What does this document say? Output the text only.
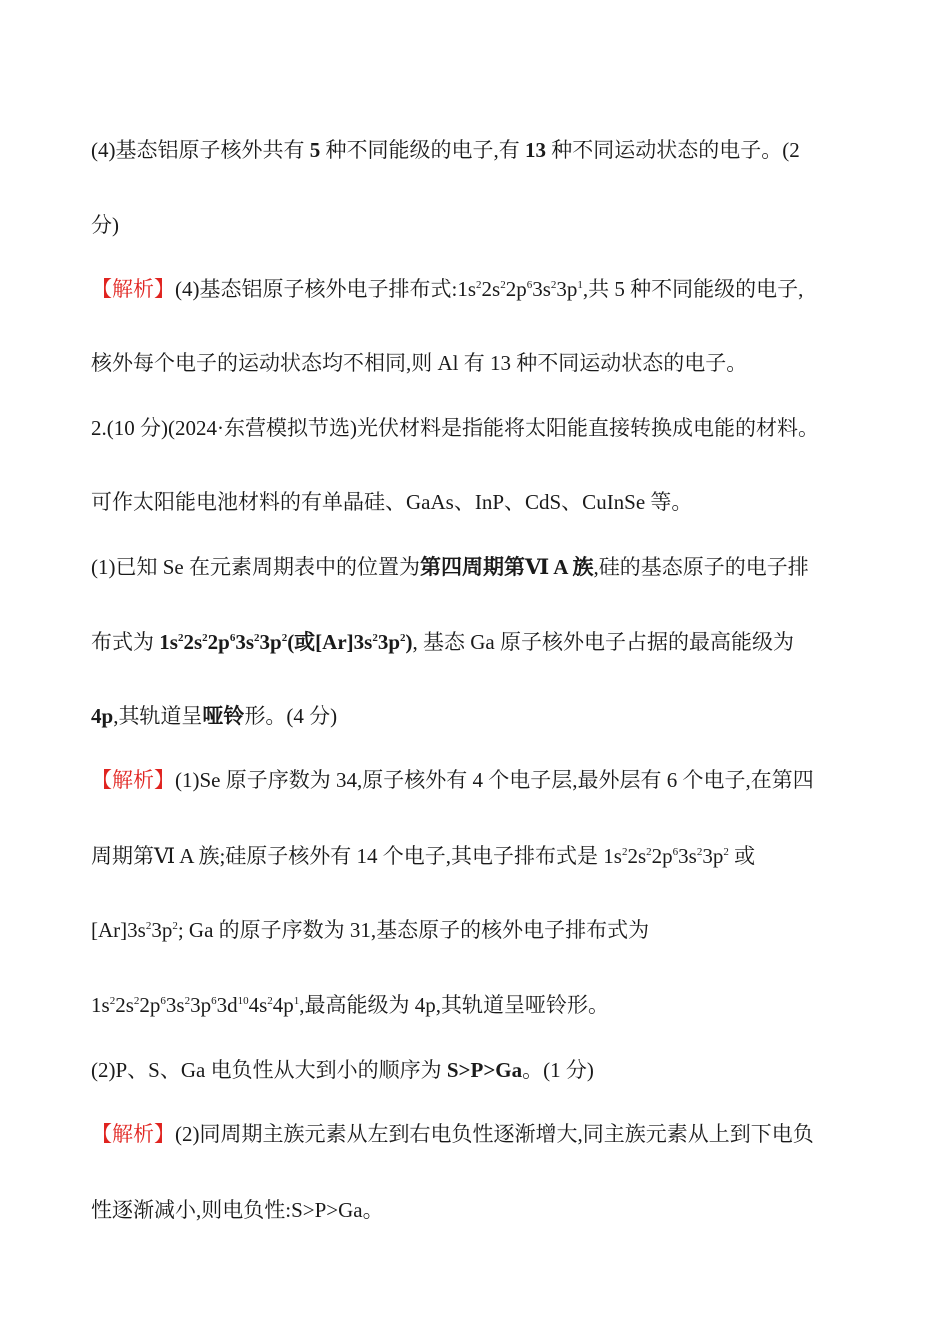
(4)基态铝原子核外共有 5 种不同能级的电子,有 13 种不同运动状态的电子。(2
分)
【解析】(4)基态铝原子核外电子排布式$:1s^22s^22p^63s^23p^1$,共 5 种不同能级的电子,
核外每个电子的运动状态均不相同,则 Al 有 13 种不同运动状态的电子。
2.(10 分)(2024·东营模拟节选)光伏材料是指能将太阳能直接转换成电能的材料。
可作太阳能电池材料的有单晶硅、GaAs、InP、CdS、CuInSe 等。
(1)已知 Se 在元素周期表中的位置为第四周期第Ⅵ A 族,硅的基态原子的电子排
布式为 $1s^22s^22p^63s^23p^2$(或$[Ar]3s^23p^2$), 基态 Ga 原子核外电子占据的最高能级为
4p,其轨道呈哑铃形。(4 分)
【解析】(1)Se 原子序数为 34,原子核外有 4 个电子层,最外层有 6 个电子,在第四
周期第Ⅵ A 族;硅原子核外有 14 个电子,其电子排布式是 $1s^22s^22p^63s^23p^2$ 或
$[Ar]3s^23p^2$; Ga 的原子序数为 31,基态原子的核外电子排布式为
$1s^22s^22p^63s^23p^63d^{10}4s^24p^1$,最高能级为 4p,其轨道呈哑铃形。
(2)P、S、Ga 电负性从大到小的顺序为 S>P>Ga。(1 分)
【解析】(2)同周期主族元素从左到右电负性逐渐增大,同主族元素从上到下电负
性逐渐减小,则电负性:S>P>Ga。
